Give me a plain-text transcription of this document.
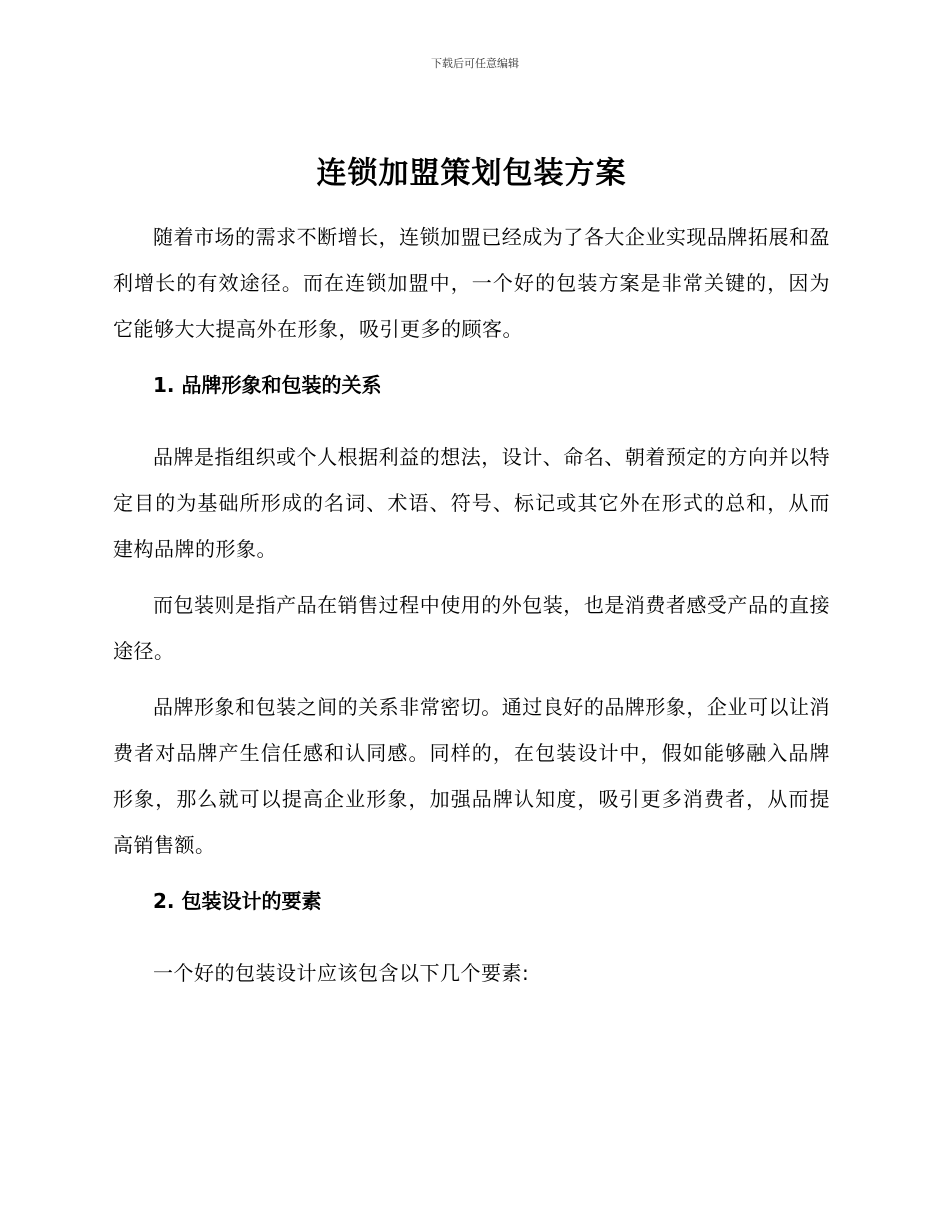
下载后可任意编辑
连锁加盟策划包装方案

随着市场的需求不断增长，连锁加盟已经成为了各大企业实现品牌拓展和盈利增长的有效途径。而在连锁加盟中，一个好的包装方案是非常关键的，因为它能够大大提高外在形象，吸引更多的顾客。

1. 品牌形象和包装的关系

品牌是指组织或个人根据利益的想法，设计、命名、朝着预定的方向并以特定目的为基础所形成的名词、术语、符号、标记或其它外在形式的总和，从而建构品牌的形象。

而包装则是指产品在销售过程中使用的外包装，也是消费者感受产品的直接途径。

品牌形象和包装之间的关系非常密切。通过良好的品牌形象，企业可以让消费者对品牌产生信任感和认同感。同样的，在包装设计中，假如能够融入品牌形象，那么就可以提高企业形象，加强品牌认知度，吸引更多消费者，从而提高销售额。

2. 包装设计的要素

一个好的包装设计应该包含以下几个要素:
